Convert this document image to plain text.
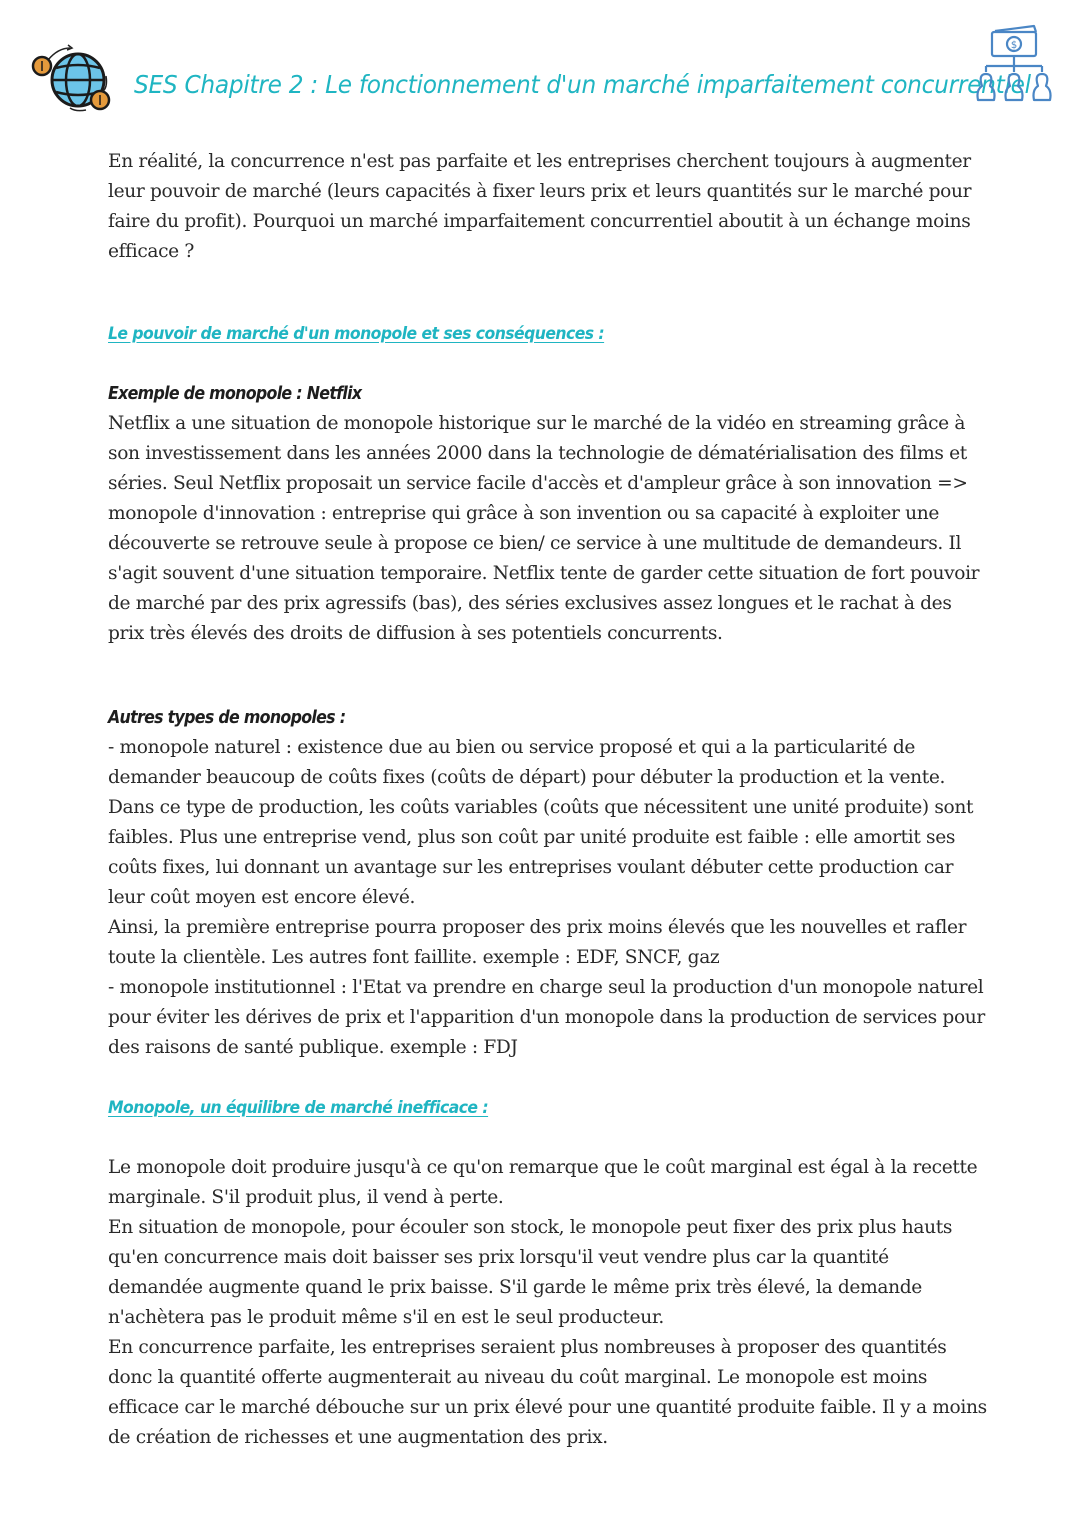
SES Chapitre 2 : Le fonctionnement d'un marché imparfaitement concurrentiel
$

En réalité, la concurrence n'est pas parfaite et les entreprises cherchent toujours à augmenter leur pouvoir de marché (leurs capacités à fixer leurs prix et leurs quantités sur le marché pour faire du profit). Pourquoi un marché imparfaitement concurrentiel aboutit à un échange moins efficace ?

Le pouvoir de marché d'un monopole et ses conséquences :
Exemple de monopole : Netflix

Netflix a une situation de monopole historique sur le marché de la vidéo en streaming grâce à son investissement dans les années 2000 dans la technologie de dématérialisation des films et séries. Seul Netflix proposait un service facile d'accès et d'ampleur grâce à son innovation => monopole d'innovation : entreprise qui grâce à son invention ou sa capacité à exploiter une découverte se retrouve seule à propose ce bien/ ce service à une multitude de demandeurs. Il s'agit souvent d'une situation temporaire. Netflix tente de garder cette situation de fort pouvoir de marché par des prix agressifs (bas), des séries exclusives assez longues et le rachat à des prix très élevés des droits de diffusion à ses potentiels concurrents.

Autres types de monopoles :

- monopole naturel : existence due au bien ou service proposé et qui a la particularité de demander beaucoup de coûts fixes (coûts de départ) pour débuter la production et la vente. Dans ce type de production, les coûts variables (coûts que nécessitent une unité produite) sont faibles. Plus une entreprise vend, plus son coût par unité produite est faible : elle amortit ses coûts fixes, lui donnant un avantage sur les entreprises voulant débuter cette production car leur coût moyen est encore élevé.

Ainsi, la première entreprise pourra proposer des prix moins élevés que les nouvelles et rafler toute la clientèle. Les autres font faillite. exemple : EDF, SNCF, gaz

- monopole institutionnel : l'Etat va prendre en charge seul la production d'un monopole naturel pour éviter les dérives de prix et l'apparition d'un monopole dans la production de services pour des raisons de santé publique. exemple : FDJ

Monopole, un équilibre de marché inefficace :

Le monopole doit produire jusqu'à ce qu'on remarque que le coût marginal est égal à la recette marginale. S'il produit plus, il vend à perte.

En situation de monopole, pour écouler son stock, le monopole peut fixer des prix plus hauts qu'en concurrence mais doit baisser ses prix lorsqu'il veut vendre plus car la quantité demandée augmente quand le prix baisse. S'il garde le même prix très élevé, la demande n'achètera pas le produit même s'il en est le seul producteur.

En concurrence parfaite, les entreprises seraient plus nombreuses à proposer des quantités donc la quantité offerte augmenterait au niveau du coût marginal. Le monopole est moins efficace car le marché débouche sur un prix élevé pour une quantité produite faible. Il y a moins de création de richesses et une augmentation des prix.
